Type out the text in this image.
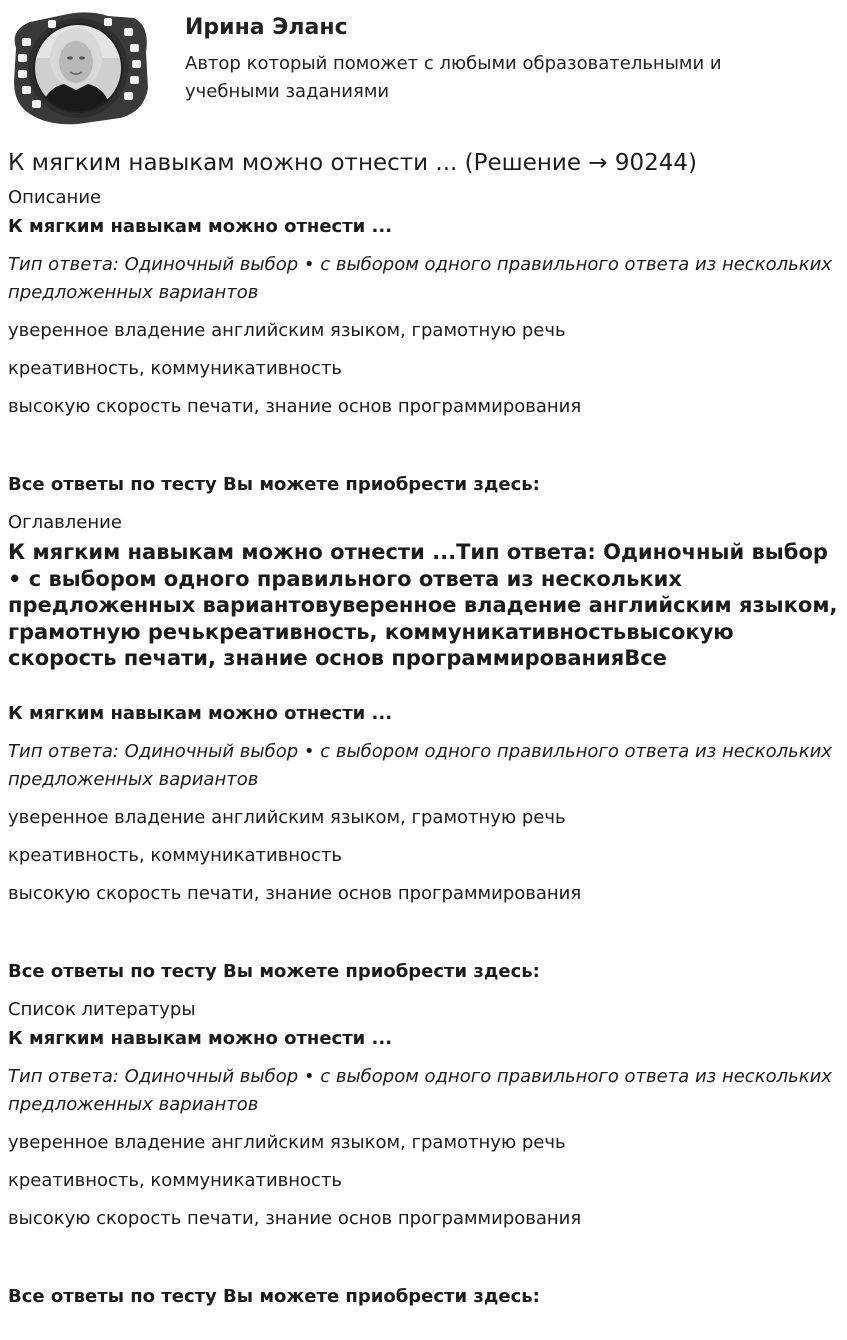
Ирина Эланс
Автор который поможет с любыми образовательными и учебными заданиями
К мягким навыкам можно отнести ... (Решение → 90244)
Описание
К мягким навыкам можно отнести ...
Тип ответа: Одиночный выбор • с выбором одного правильного ответа из нескольких предложенных вариантов
уверенное владение английским языком, грамотную речь
креативность, коммуникативность
высокую скорость печати, знание основ программирования
Все ответы по тесту Вы можете приобрести здесь:
Оглавление
К мягким навыкам можно отнести ...Тип ответа: Одиночный выбор • с выбором одного правильного ответа из нескольких предложенных вариантовуверенное владение английским языком, грамотную речькреативность, коммуникативностьвысокую скорость печати, знание основ программированияВсе
К мягким навыкам можно отнести ...
Тип ответа: Одиночный выбор • с выбором одного правильного ответа из нескольких предложенных вариантов
уверенное владение английским языком, грамотную речь
креативность, коммуникативность
высокую скорость печати, знание основ программирования
Все ответы по тесту Вы можете приобрести здесь:
Список литературы
К мягким навыкам можно отнести ...
Тип ответа: Одиночный выбор • с выбором одного правильного ответа из нескольких предложенных вариантов
уверенное владение английским языком, грамотную речь
креативность, коммуникативность
высокую скорость печати, знание основ программирования
Все ответы по тесту Вы можете приобрести здесь:
